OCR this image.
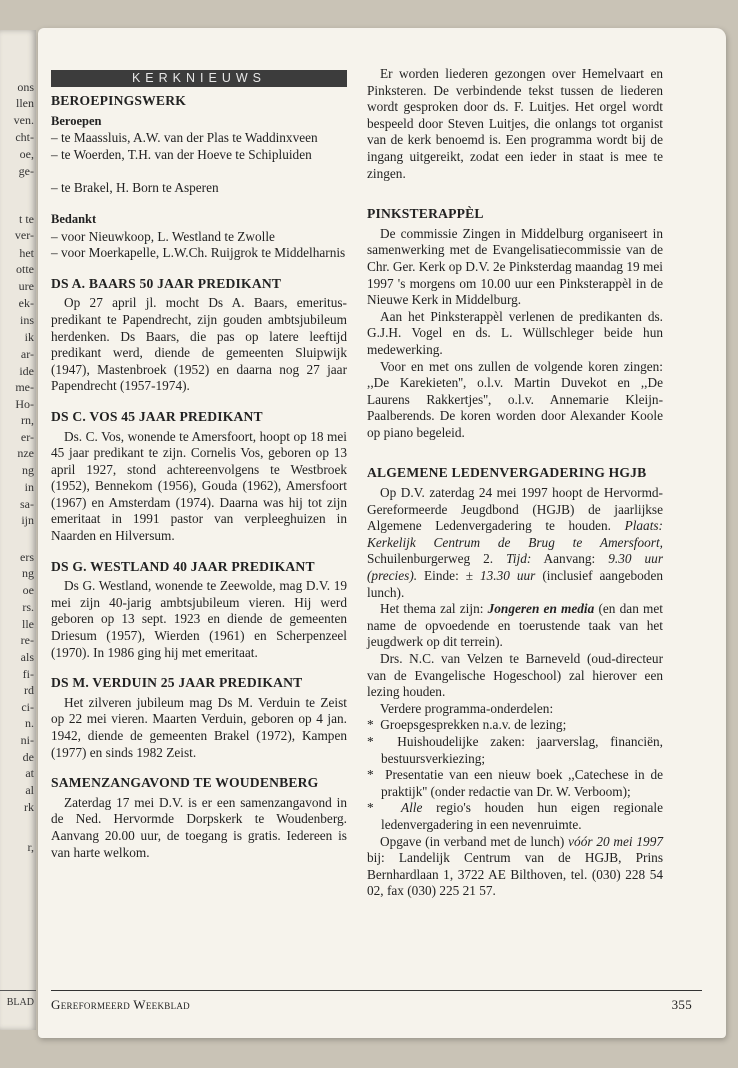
ons
llen
ven.
cht-
oe,
ge-
t te
ver-
het
otte
ure
ek-
ins
ik
ar-
ide
me-
Ho-
rn,
er-
nze
ng
in
sa-
ijn
ers
ng
oe
rs.
lle
re-
als
fi-
rd
ci-
n.
ni-
de
at
al
rk
r,
BLAD
KERKNIEUWS
BEROEPINGSWERK
Beroepen
– te Maassluis, A.W. van der Plas te Waddinxveen
– te Woerden, T.H. van der Hoeve te Schipluiden
– te Brakel, H. Born te Asperen
Bedankt
– voor Nieuwkoop, L. Westland te Zwolle
– voor Moerkapelle, L.W.Ch. Ruijgrok te Middelharnis
DS A. BAARS 50 JAAR PREDIKANT

Op 27 april jl. mocht Ds A. Baars, emeritus-predikant te Papendrecht, zijn gouden ambtsjubileum herdenken. Ds Baars, die pas op latere leeftijd predikant werd, diende de gemeenten Sluipwijk (1947), Mastenbroek (1952) en daarna nog 27 jaar Papendrecht (1957-1974).

DS C. VOS 45 JAAR PREDIKANT

Ds. C. Vos, wonende te Amersfoort, hoopt op 18 mei 45 jaar predikant te zijn. Cornelis Vos, geboren op 13 april 1927, stond achtereenvolgens te Westbroek (1952), Bennekom (1956), Gouda (1962), Amersfoort (1967) en Amsterdam (1974). Daarna was hij tot zijn emeritaat in 1991 pastor van verpleeghuizen in Naarden en Hilversum.

DS G. WESTLAND 40 JAAR PREDIKANT

Ds G. Westland, wonende te Zeewolde, mag D.V. 19 mei zijn 40-jarig ambtsjubileum vieren. Hij werd geboren op 13 sept. 1923 en diende de gemeenten Driesum (1957), Wierden (1961) en Scherpenzeel (1970). In 1986 ging hij met emeritaat.

DS M. VERDUIN 25 JAAR PREDIKANT

Het zilveren jubileum mag Ds M. Verduin te Zeist op 22 mei vieren. Maarten Verduin, geboren op 4 jan. 1942, diende de gemeenten Brakel (1972), Kampen (1977) en sinds 1982 Zeist.

SAMENZANGAVOND TE WOUDENBERG

Zaterdag 17 mei D.V. is er een samenzangavond in de Ned. Hervormde Dorpskerk te Woudenberg. Aanvang 20.00 uur, de toegang is gratis. Iedereen is van harte welkom.

Er worden liederen gezongen over Hemelvaart en Pinksteren. De verbindende tekst tussen de liederen wordt gesproken door ds. F. Luitjes. Het orgel wordt bespeeld door Steven Luitjes, die onlangs tot organist van de kerk benoemd is. Een programma wordt bij de ingang uitgereikt, zodat een ieder in staat is mee te zingen.

PINKSTERAPPÈL

De commissie Zingen in Middelburg organiseert in samenwerking met de Evangelisatiecommissie van de Chr. Ger. Kerk op D.V. 2e Pinksterdag maandag 19 mei 1997 's morgens om 10.00 uur een Pinksterappèl in de Nieuwe Kerk in Middelburg.

Aan het Pinksterappèl verlenen de predikanten ds. G.J.H. Vogel en ds. L. Wüllschleger beide hun medewerking.

Voor en met ons zullen de volgende koren zingen: ,,De Karekieten'', o.l.v. Martin Duvekot en ,,De Laurens Rakkertjes'', o.l.v. Annemarie Kleijn-Paalberends. De koren worden door Alexander Koole op piano begeleid.

ALGEMENE LEDENVERGADERING HGJB

Op D.V. zaterdag 24 mei 1997 hoopt de Hervormd-Gereformeerde Jeugdbond (HGJB) de jaarlijkse Algemene Ledenvergadering te houden. Plaats: Kerkelijk Centrum de Brug te Amersfoort, Schuilenburgerweg 2. Tijd: Aanvang: 9.30 uur (precies). Einde: ± 13.30 uur (inclusief aangeboden lunch).

Het thema zal zijn: Jongeren en media (en dan met name de opvoedende en toerustende taak van het jeugdwerk op dit terrein).

Drs. N.C. van Velzen te Barneveld (oud-directeur van de Evangelische Hogeschool) zal hierover een lezing houden.

Verdere programma-onderdelen:

*  Groepsgesprekken n.a.v. de lezing;
*  Huishoudelijke zaken: jaarverslag, financiën, bestuursverkiezing;
*  Presentatie van een nieuw boek ,,Catechese in de praktijk'' (onder redactie van Dr. W. Verboom);
*  Alle regio's houden hun eigen regionale ledenvergadering in een nevenruimte.

Opgave (in verband met de lunch) vóór 20 mei 1997 bij: Landelijk Centrum van de HGJB, Prins Bernhardlaan 1, 3722 AE Bilthoven, tel. (030) 228 54 02, fax (030) 225 21 57.

Gereformeerd Weekblad	355
